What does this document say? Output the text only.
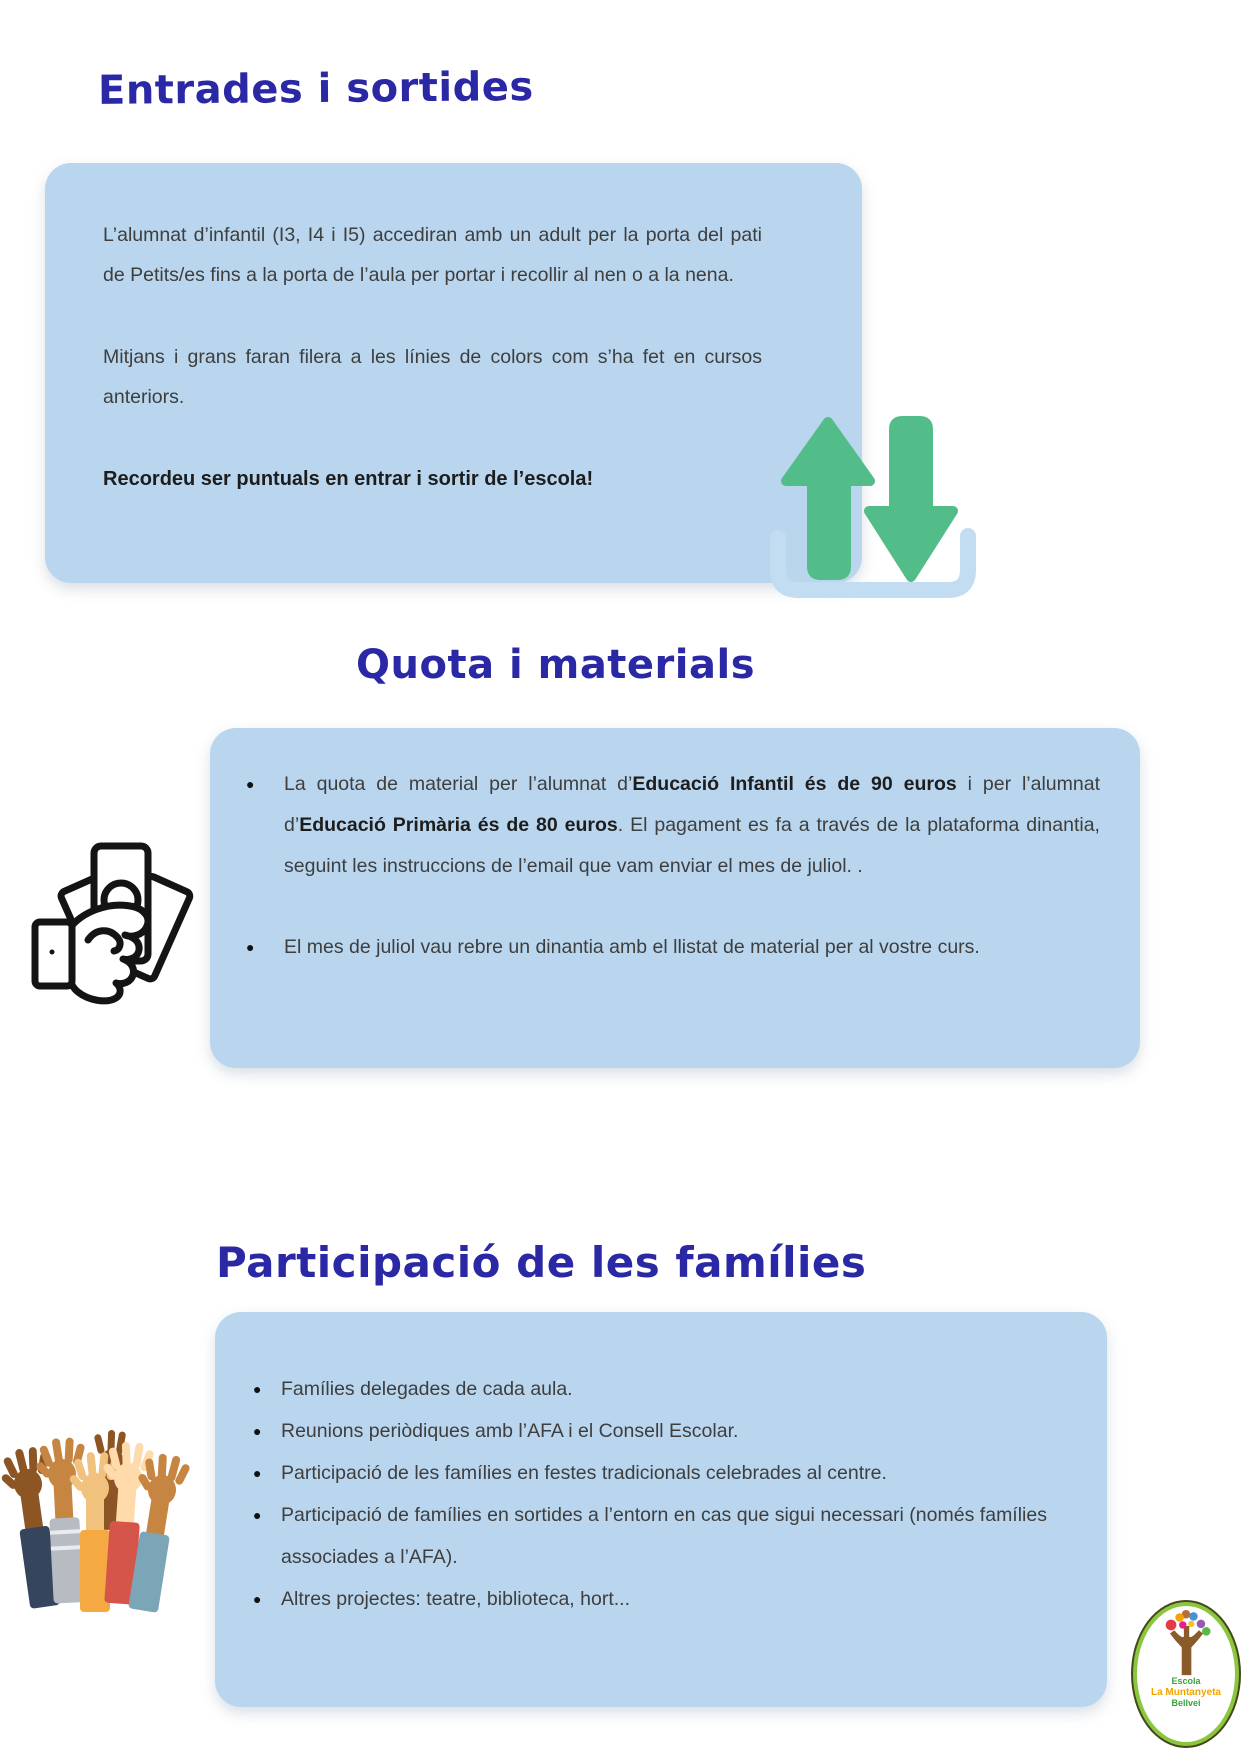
Entrades i sortides

L’alumnat d’infantil (I3, I4 i I5) accediran amb un adult per la porta del pati de Petits/es fins a la porta de l’aula per portar i recollir al nen o a la nena.

Mitjans i grans faran filera a les línies de colors com s’ha fet en cursos anteriors.

Recordeu ser puntuals en entrar i sortir de l’escola!

Quota i materials
●	La quota de material per l’alumnat d’Educació Infantil és de 90 euros i per l’alumnat d’Educació Primària és de 80 euros. El pagament es fa a través de la plataforma dinantia, seguint les instruccions de l’email que vam enviar el mes de juliol. .
●	El mes de juliol vau rebre un dinantia amb el llistat de material per al vostre curs.
Participació de les famílies
●	Famílies delegades de cada aula.
●	Reunions periòdiques amb l’AFA i el Consell Escolar.
●	Participació de les famílies en festes tradicionals celebrades al centre.
●	Participació de famílies en sortides a l’entorn en cas que sigui necessari (només famílies associades a l’AFA).
●	Altres projectes: teatre, biblioteca, hort...
Escola
La Muntanyeta
Bellvei
